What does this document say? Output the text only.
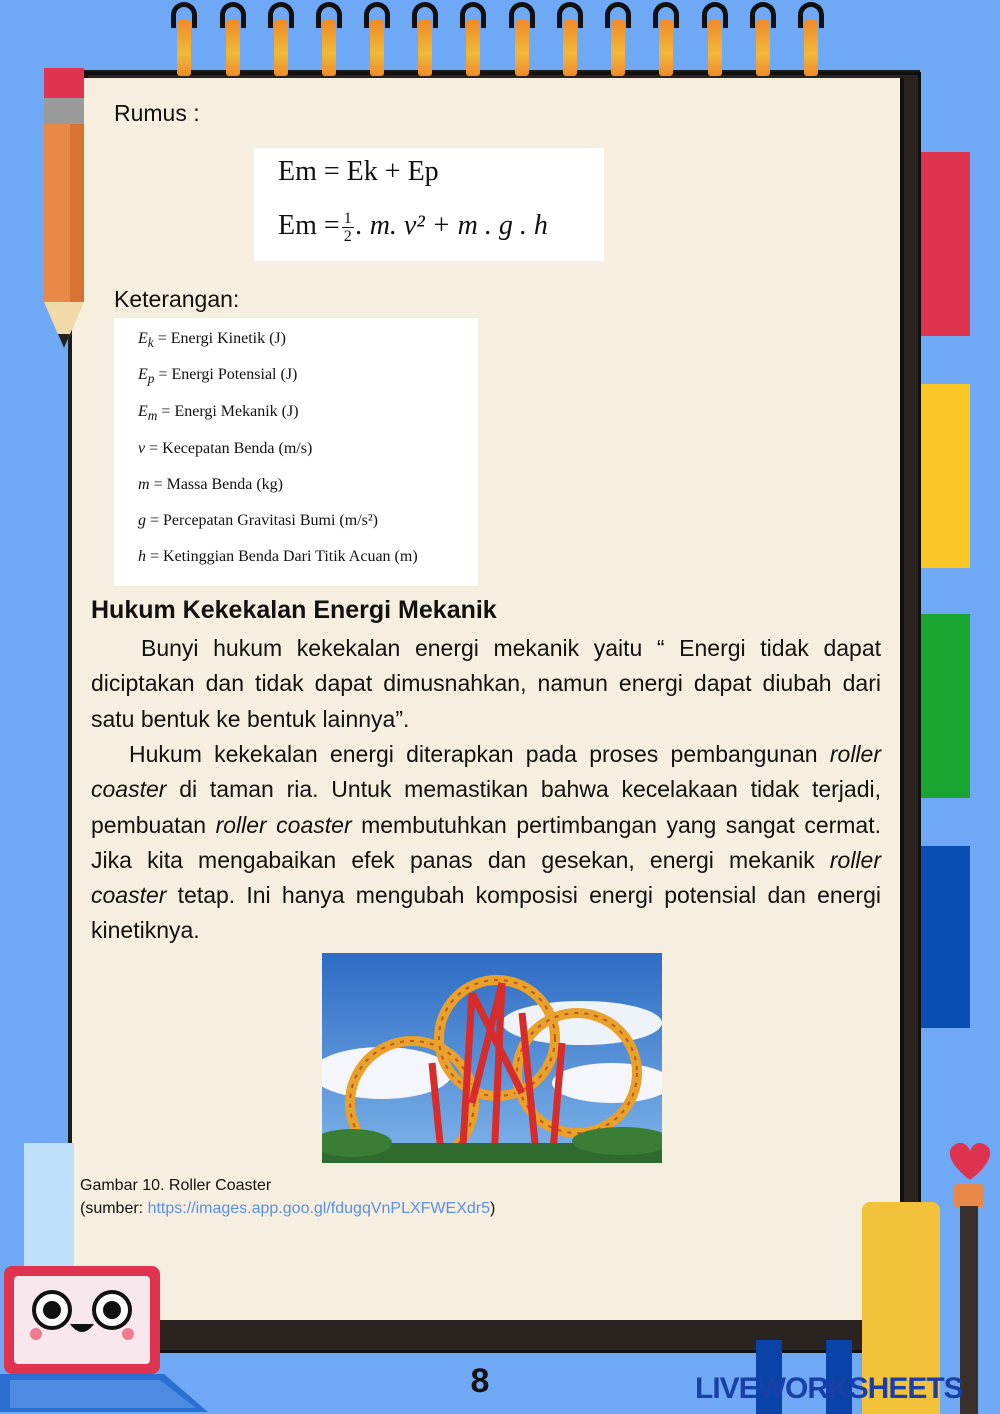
Rumus :
Em = Ek + Ep
$Em = \frac{1}{2}$ . m. v² + m . g . h
Keterangan:
$E_k$ = Energi Kinetik (J)
$E_p$ = Energi Potensial (J)
$E_m$ = Energi Mekanik (J)
v = Kecepatan Benda (m/s)
m = Massa Benda (kg)
g = Percepatan Gravitasi Bumi (m/s²)
h = Ketinggian Benda Dari Titik Acuan (m)
Hukum Kekekalan Energi Mekanik
Bunyi hukum kekekalan energi mekanik yaitu “ Energi tidak dapat diciptakan dan tidak dapat dimusnahkan, namun energi dapat diubah dari satu bentuk ke bentuk lainnya”.
Hukum kekekalan energi diterapkan pada proses pembangunan roller coaster di taman ria. Untuk memastikan bahwa kecelakaan tidak terjadi, pembuatan roller coaster membutuhkan pertimbangan yang sangat cermat. Jika kita mengabaikan efek panas dan gesekan, energi mekanik roller coaster tetap. Ini hanya mengubah komposisi energi potensial dan energi kinetiknya.
Gambar 10. Roller Coaster
(sumber: https://images.app.goo.gl/fdugqVnPLXFWEXdr5)
8	LIVEWORKSHEETS
